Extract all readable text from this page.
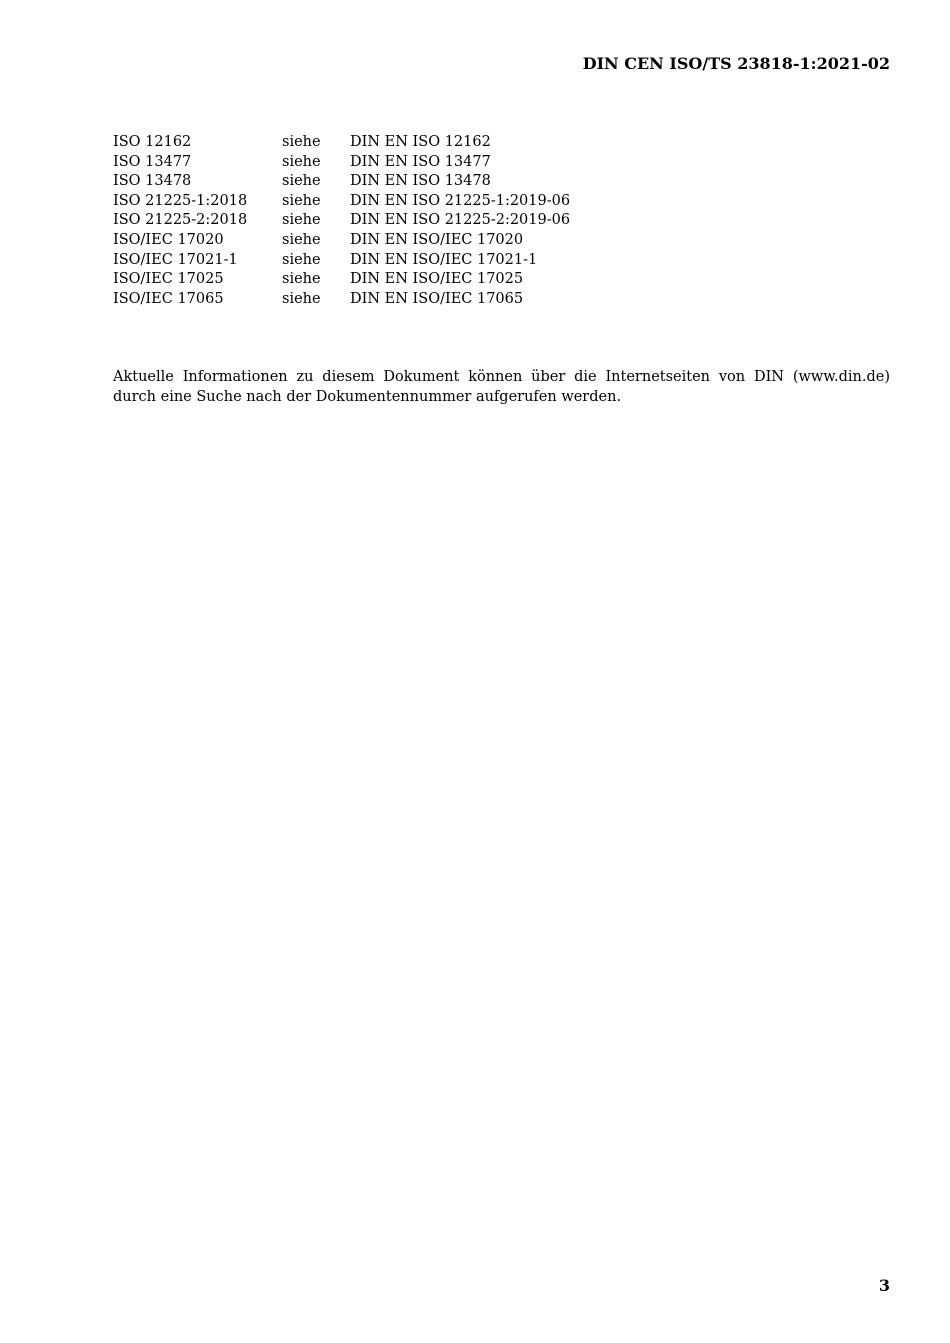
DIN CEN ISO/TS 23818-1:2021-02
ISO 12162	siehe	DIN EN ISO 12162
ISO 13477	siehe	DIN EN ISO 13477
ISO 13478	siehe	DIN EN ISO 13478
ISO 21225-1:2018	siehe	DIN EN ISO 21225-1:2019-06
ISO 21225-2:2018	siehe	DIN EN ISO 21225-2:2019-06
ISO/IEC 17020	siehe	DIN EN ISO/IEC 17020
ISO/IEC 17021-1	siehe	DIN EN ISO/IEC 17021-1
ISO/IEC 17025	siehe	DIN EN ISO/IEC 17025
ISO/IEC 17065	siehe	DIN EN ISO/IEC 17065

Aktuelle Informationen zu diesem Dokument können über die Internetseiten von DIN (www.din.de) durch eine Suche nach der Dokumentennummer aufgerufen werden.

3
